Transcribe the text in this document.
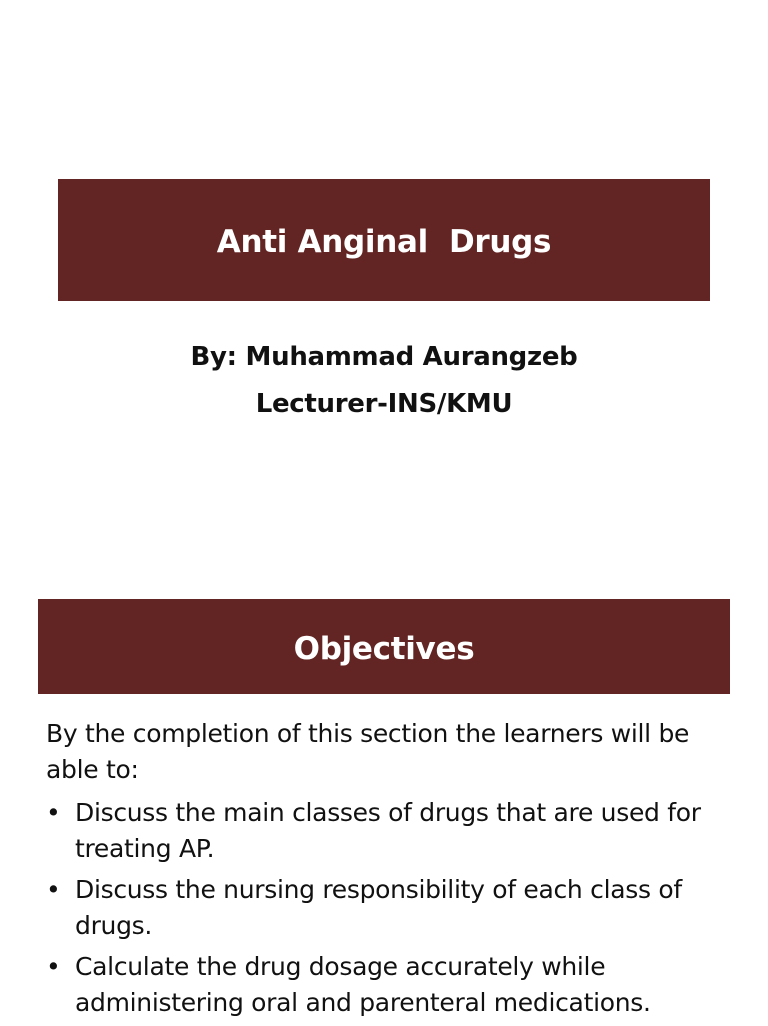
Anti Anginal  Drugs
By: Muhammad Aurangzeb
Lecturer-INS/KMU
Objectives
By the completion of this section the learners will be able to:
• Discuss the main classes of drugs that are used for treating AP.
• Discuss the nursing responsibility of each class of drugs.
• Calculate the drug dosage accurately while administering oral and parenteral medications.
